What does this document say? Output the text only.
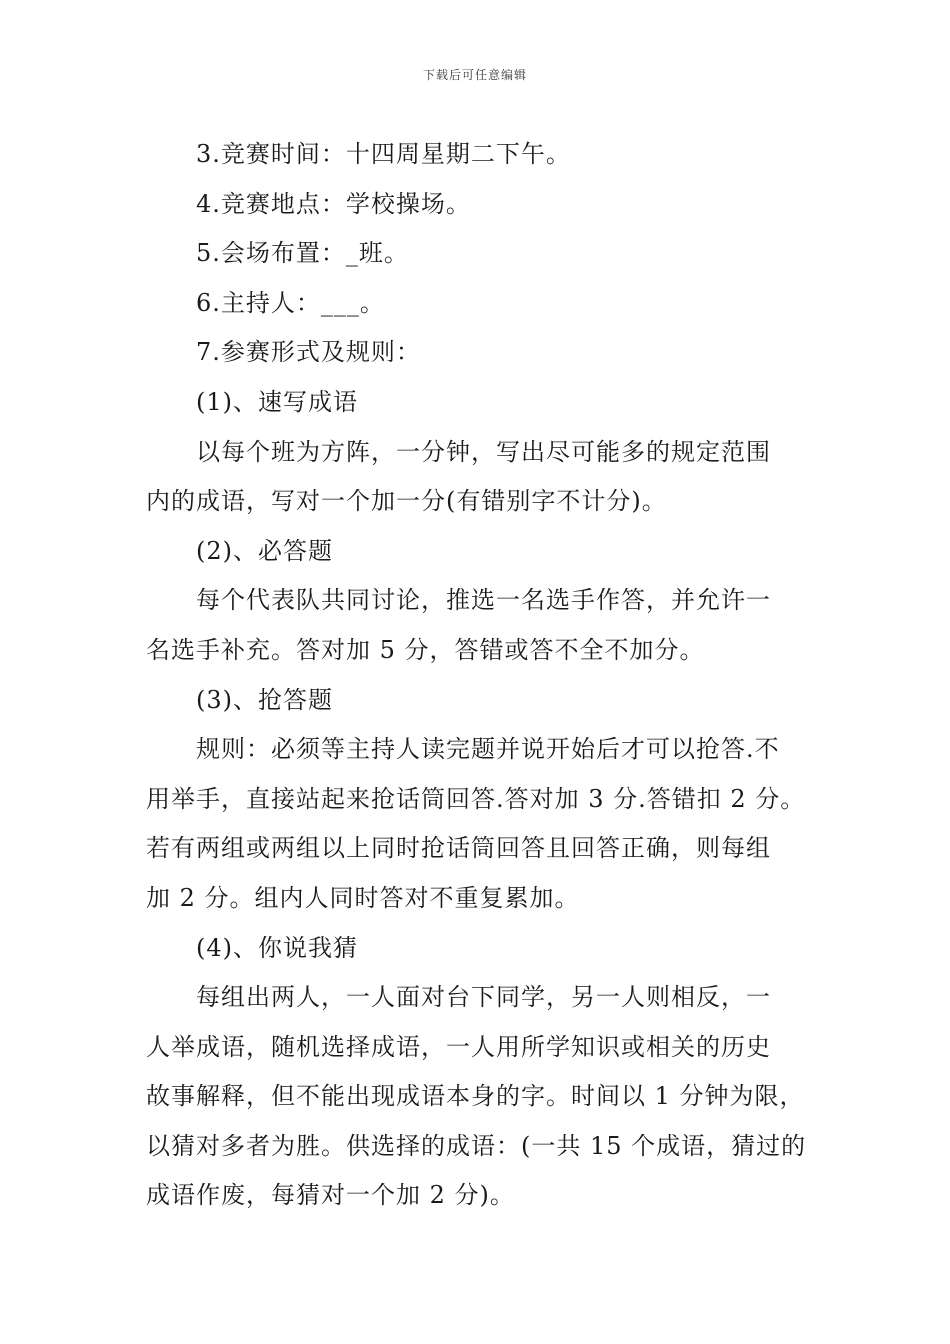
下载后可任意编辑

3.竞赛时间：十四周星期二下午。

4.竞赛地点：学校操场。

5.会场布置：_班。

6.主持人：___。

7.参赛形式及规则：

(1)、速写成语

以每个班为方阵，一分钟，写出尽可能多的规定范围

内的成语，写对一个加一分(有错别字不计分)。

(2)、必答题

每个代表队共同讨论，推选一名选手作答，并允许一

名选手补充。答对加 5 分，答错或答不全不加分。

(3)、抢答题

规则：必须等主持人读完题并说开始后才可以抢答.不

用举手，直接站起来抢话筒回答.答对加 3 分.答错扣 2 分。

若有两组或两组以上同时抢话筒回答且回答正确，则每组

加 2 分。组内人同时答对不重复累加。

(4)、你说我猜

每组出两人，一人面对台下同学，另一人则相反，一

人举成语，随机选择成语，一人用所学知识或相关的历史

故事解释，但不能出现成语本身的字。时间以 1 分钟为限，

以猜对多者为胜。供选择的成语：(一共 15 个成语，猜过的

成语作废，每猜对一个加 2 分)。
